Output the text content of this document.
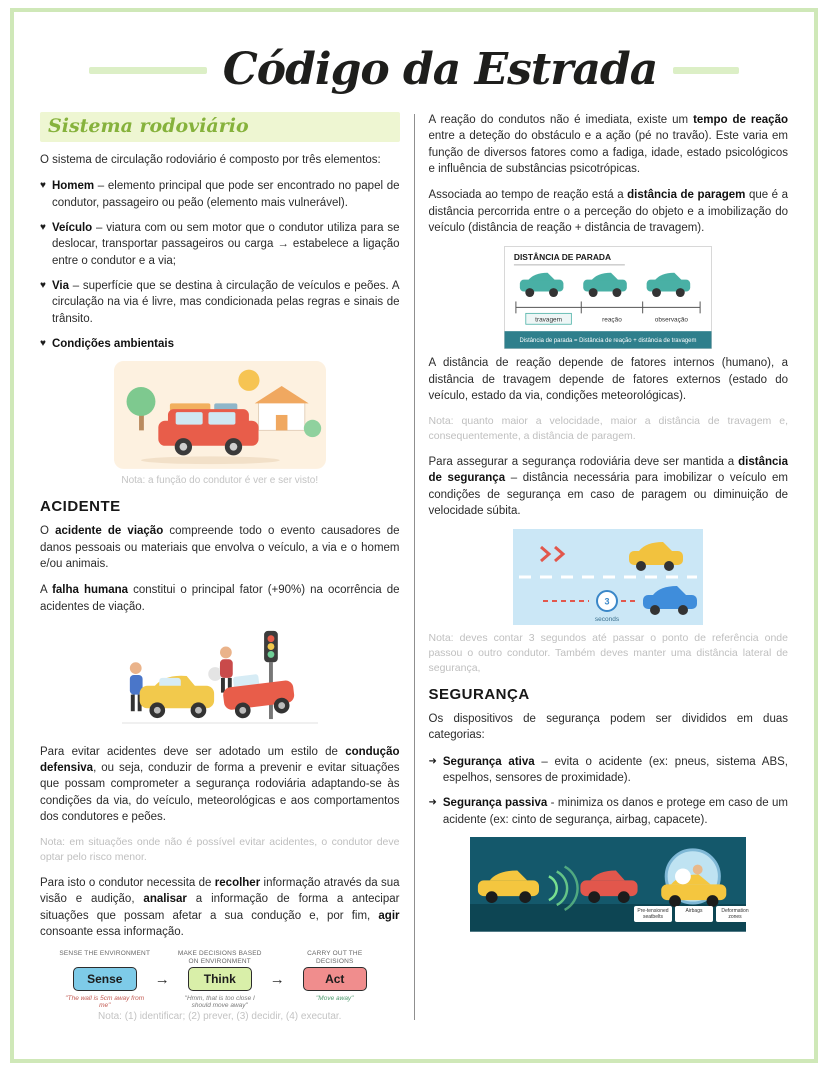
Código da Estrada
Sistema rodoviário

O sistema de circulação rodoviário é composto por três elementos:

♥ Homem – elemento principal que pode ser encontrado no papel de condutor, passageiro ou peão (elemento mais vulnerável).
♥ Veículo – viatura com ou sem motor que o condutor utiliza para se deslocar, transportar passageiros ou carga → estabelece a ligação entre o condutor e a via;
♥ Via – superfície que se destina à circulação de veículos e peões. A circulação na via é livre, mas condicionada pelas regras e sinais de trânsito.
♥ Condições ambientais
Nota: a função do condutor é ver e ser visto!
ACIDENTE

O acidente de viação compreende todo o evento causadores de danos pessoais ou materiais que envolva o veículo, a via e o homem e/ou animais.

A falha humana constitui o principal fator (+90%) na ocorrência de acidentes de viação.

Para evitar acidentes deve ser adotado um estilo de condução defensiva, ou seja, conduzir de forma a prevenir e evitar situações que possam comprometer a segurança rodoviária adaptando-se às condições da via, do veículo, meteorológicas e aos comportamentos dos condutores e peões.

Nota: em situações onde não é possível evitar acidentes, o condutor deve optar pelo risco menor.

Para isto o condutor necessita de recolher informação através da sua visão e audição, analisar a informação de forma a antecipar situações que possam afetar a sua condução e, por fim, agir consoante essa informação.

SENSE THE ENVIRONMENT
Sense
"The wall is 5cm away from me"
→
MAKE DECISIONS BASED ON ENVIRONMENT
Think
"Hmm, that is too close I should move away"
→
CARRY OUT THE DECISIONS
Act
"Move away"
Nota: (1) identificar; (2) prever, (3) decidir, (4) executar.

A reação do condutos não é imediata, existe um tempo de reação entre a deteção do obstáculo e a ação (pé no travão). Este varia em função de diversos fatores como a fadiga, idade, estado psicológicos e influência de substâncias psicotrópicas.

Associada ao tempo de reação está a distância de paragem que é a distância percorrida entre o a perceção do objeto e a imobilização do veículo (distância de reação + distância de travagem).

DISTÂNCIA DE PARADA
travagem	reação	observação
Distância de parada = Distância de reação + distância de travagem

A distância de reação depende de fatores internos (humano), a distância de travagem depende de fatores externos (estado do veículo, estado da via, condições meteorológicas).

Nota: quanto maior a velocidade, maior a distância de travagem e, consequentemente, a distância de paragem.

Para assegurar a segurança rodoviária deve ser mantida a distância de segurança – distância necessária para imobilizar o veículo em condições de segurança em caso de paragem ou diminuição de velocidade súbita.

3
seconds

Nota: deves contar 3 segundos até passar o ponto de referência onde passou o outro condutor. Também deves manter uma distância lateral de segurança,

SEGURANÇA

Os dispositivos de segurança podem ser divididos em duas categorias:

➜ Segurança ativa – evita o acidente (ex: pneus, sistema ABS, espelhos, sensores de proximidade).
➜ Segurança passiva - minimiza os danos e protege em caso de um acidente (ex: cinto de segurança, airbag, capacete).
Pre-tensioned seatbelts
Airbags	Deformation zones
